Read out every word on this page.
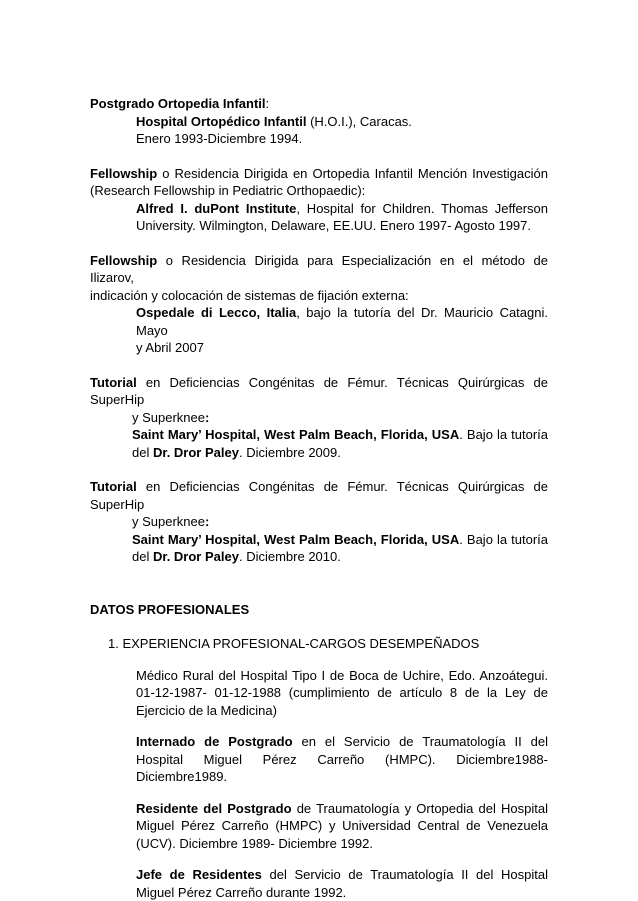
Postgrado Ortopedia Infantil:
Hospital Ortopédico Infantil (H.O.I.), Caracas.
Enero 1993-Diciembre 1994.
Fellowship o Residencia Dirigida en Ortopedia Infantil Mención Investigación
(Research Fellowship in Pediatric Orthopaedic):
Alfred I. duPont Institute, Hospital for Children. Thomas Jefferson
University. Wilmington, Delaware, EE.UU. Enero 1997- Agosto 1997.
Fellowship o Residencia Dirigida para Especialización en el método de Ilizarov,
indicación y colocación de sistemas de fijación externa:
Ospedale di Lecco, Italia, bajo la tutoría del Dr. Mauricio Catagni. Mayo
y Abril 2007
Tutorial en Deficiencias Congénitas de Fémur. Técnicas Quirúrgicas de SuperHip
y Superknee:
Saint Mary’ Hospital, West Palm Beach, Florida, USA. Bajo la tutoría
del Dr. Dror Paley. Diciembre 2009.
Tutorial en Deficiencias Congénitas de Fémur. Técnicas Quirúrgicas de SuperHip
y Superknee:
Saint Mary’ Hospital, West Palm Beach, Florida, USA. Bajo la tutoría
del Dr. Dror Paley. Diciembre 2010.
DATOS PROFESIONALES
1. EXPERIENCIA PROFESIONAL-CARGOS DESEMPEÑADOS
Médico Rural del Hospital Tipo I de Boca de Uchire, Edo. Anzoátegui. 01-12-1987- 01-12-1988 (cumplimiento de artículo 8 de la Ley de Ejercicio de la Medicina)
Internado de Postgrado en el Servicio de Traumatología II del Hospital Miguel Pérez Carreño (HMPC). Diciembre1988- Diciembre1989.
Residente del Postgrado de Traumatología y Ortopedia del Hospital Miguel Pérez Carreño (HMPC) y Universidad Central de Venezuela (UCV). Diciembre 1989- Diciembre 1992.
Jefe de Residentes del Servicio de Traumatología II del Hospital Miguel Pérez Carreño durante 1992.
